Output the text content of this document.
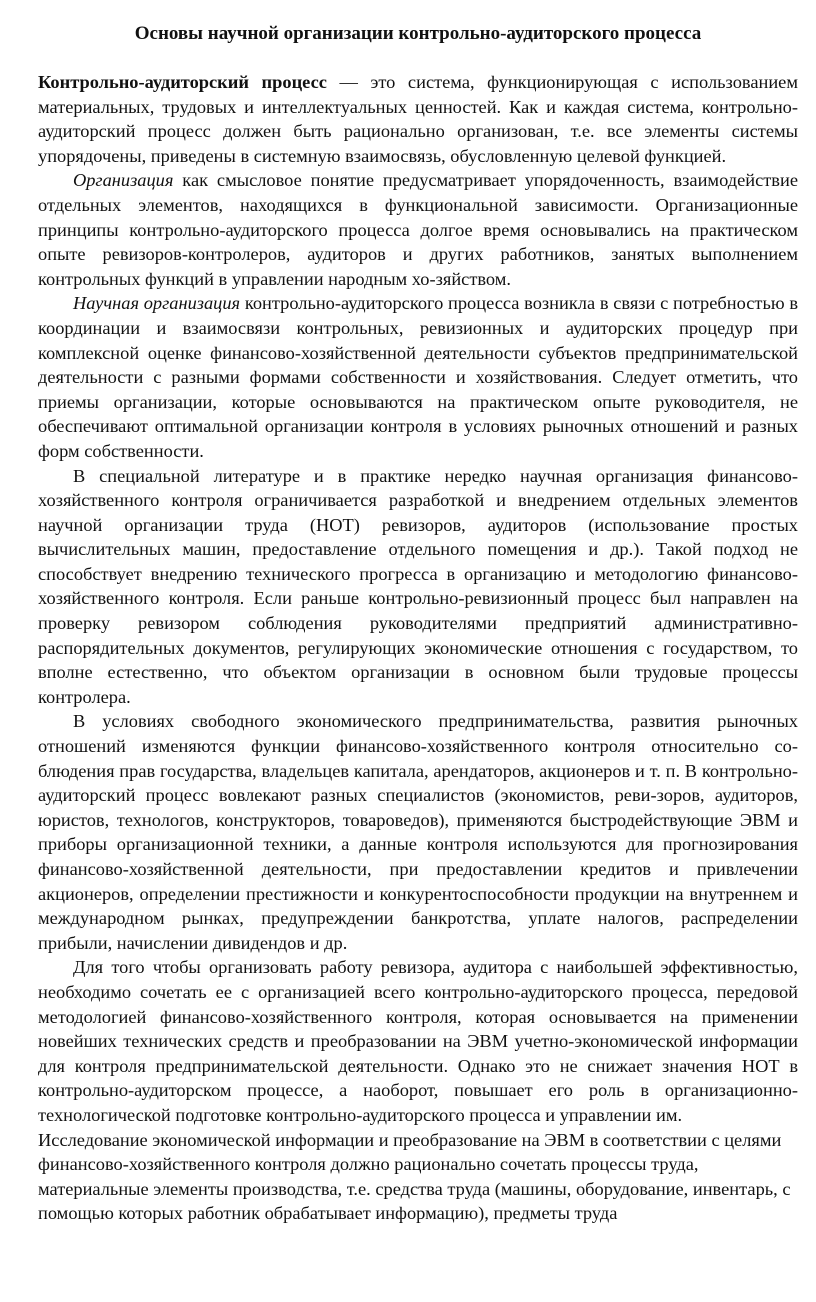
Основы научной организации контрольно-аудиторского процесса

Контрольно-аудиторский процесс — это система, функционирующая с использованием материальных, трудовых и интеллектуальных ценностей. Как и каждая система, контрольно-аудиторский процесс должен быть рационально организован, т.е. все элементы системы упорядочены, приведены в системную взаимосвязь, обусловленную целевой функцией.

Организация как смысловое понятие предусматривает упорядоченность, взаимодействие отдельных элементов, находящихся в функциональной зависимости. Организационные принципы контрольно-аудиторского процесса долгое время основывались на практическом опыте ревизоров-контролеров, аудиторов и других работников, занятых выполнением контрольных функций в управлении народным хо-зяйством.

Научная организация контрольно-аудиторского процесса возникла в связи с потребностью в координации и взаимосвязи контрольных, ревизионных и аудиторских процедур при комплексной оценке финансово-хозяйственной деятельности субъектов предпринимательской деятельности с разными формами собственности и хозяйствования. Следует отметить, что приемы организации, которые основываются на практическом опыте руководителя, не обеспечивают оптимальной организации контроля в условиях рыночных отношений и разных форм собственности.

В специальной литературе и в практике нередко научная организация финансово-хозяйственного контроля ограничивается разработкой и внедрением отдельных элементов научной организации труда (НОТ) ревизоров, аудиторов (использование простых вычислительных машин, предоставление отдельного помещения и др.). Такой подход не способствует внедрению технического прогресса в организацию и методологию финансово-хозяйственного контроля. Если раньше контрольно-ревизионный процесс был направлен на проверку ревизором соблюдения руководителями предприятий административно-распорядительных документов, регулирующих экономические отношения с государством, то вполне естественно, что объектом организации в основном были трудовые процессы контролера.

В условиях свободного экономического предпринимательства, развития рыночных отношений изменяются функции финансово-хозяйственного контроля относительно со-блюдения прав государства, владельцев капитала, арендаторов, акционеров и т. п. В контрольно-аудиторский процесс вовлекают разных специалистов (экономистов, реви-зоров, аудиторов, юристов, технологов, конструкторов, товароведов), применяются быстродействующие ЭВМ и приборы организационной техники, а данные контроля используются для прогнозирования финансово-хозяйственной деятельности, при предоставлении кредитов и привлечении акционеров, определении престижности и конкурентоспособности продукции на внутреннем и международном рынках, предупреждении банкротства, уплате налогов, распределении прибыли, начислении дивидендов и др.

Для того чтобы организовать работу ревизора, аудитора с наибольшей эффективностью, необходимо сочетать ее с организацией всего контрольно-аудиторского процесса, передовой методологией финансово-хозяйственного контроля, которая основывается на применении новейших технических средств и преобразовании на ЭВМ учетно-экономической информации для контроля предпринимательской деятельности. Однако это не снижает значения НОТ в контрольно-аудиторском процессе, а наоборот, повышает его роль в организационно-технологической подготовке контрольно-аудиторского процесса и управлении им.

Исследование экономической информации и преобразование на ЭВМ в соответствии с целями финансово-хозяйственного контроля должно рационально сочетать процессы труда, материальные элементы производства, т.е. средства труда (машины, оборудование, инвентарь, с помощью которых работник обрабатывает информацию), предметы труда
